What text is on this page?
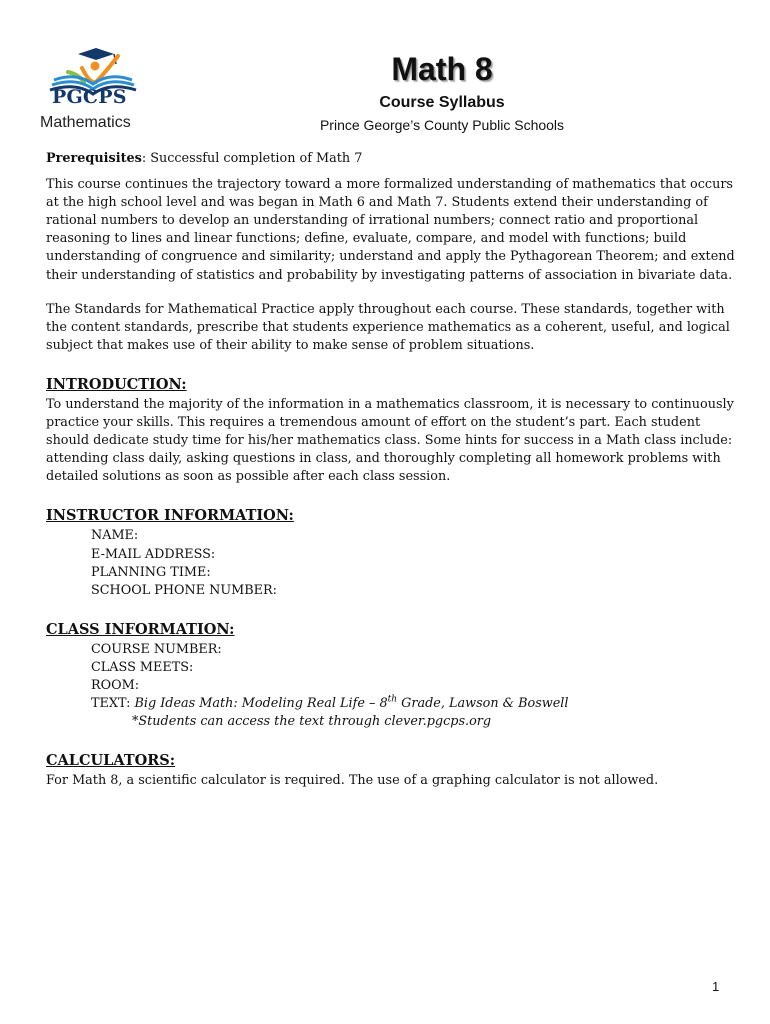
PGCPS
Mathematics
Math 8
Course Syllabus
Prince George’s County Public Schools

Prerequisites: Successful completion of Math 7

This course continues the trajectory toward a more formalized understanding of mathematics that occurs at the high school level and was began in Math 6 and Math 7. Students extend their understanding of rational numbers to develop an understanding of irrational numbers; connect ratio and proportional reasoning to lines and linear functions; define, evaluate, compare, and model with functions; build understanding of congruence and similarity; understand and apply the Pythagorean Theorem; and extend their understanding of statistics and probability by investigating patterns of association in bivariate data.

The Standards for Mathematical Practice apply throughout each course. These standards, together with the content standards, prescribe that students experience mathematics as a coherent, useful, and logical subject that makes use of their ability to make sense of problem situations.

INTRODUCTION:

To understand the majority of the information in a mathematics classroom, it is necessary to continuously practice your skills. This requires a tremendous amount of effort on the student’s part. Each student should dedicate study time for his/her mathematics class. Some hints for success in a Math class include: attending class daily, asking questions in class, and thoroughly completing all homework problems with detailed solutions as soon as possible after each class session.

INSTRUCTOR INFORMATION:
NAME:
E-MAIL ADDRESS:
PLANNING TIME:
SCHOOL PHONE NUMBER:
CLASS INFORMATION:
COURSE NUMBER:
CLASS MEETS:
ROOM:
TEXT: Big Ideas Math: Modeling Real Life – 8th Grade, Lawson & Boswell
*Students can access the text through clever.pgcps.org
CALCULATORS:

For Math 8, a scientific calculator is required. The use of a graphing calculator is not allowed.

1
